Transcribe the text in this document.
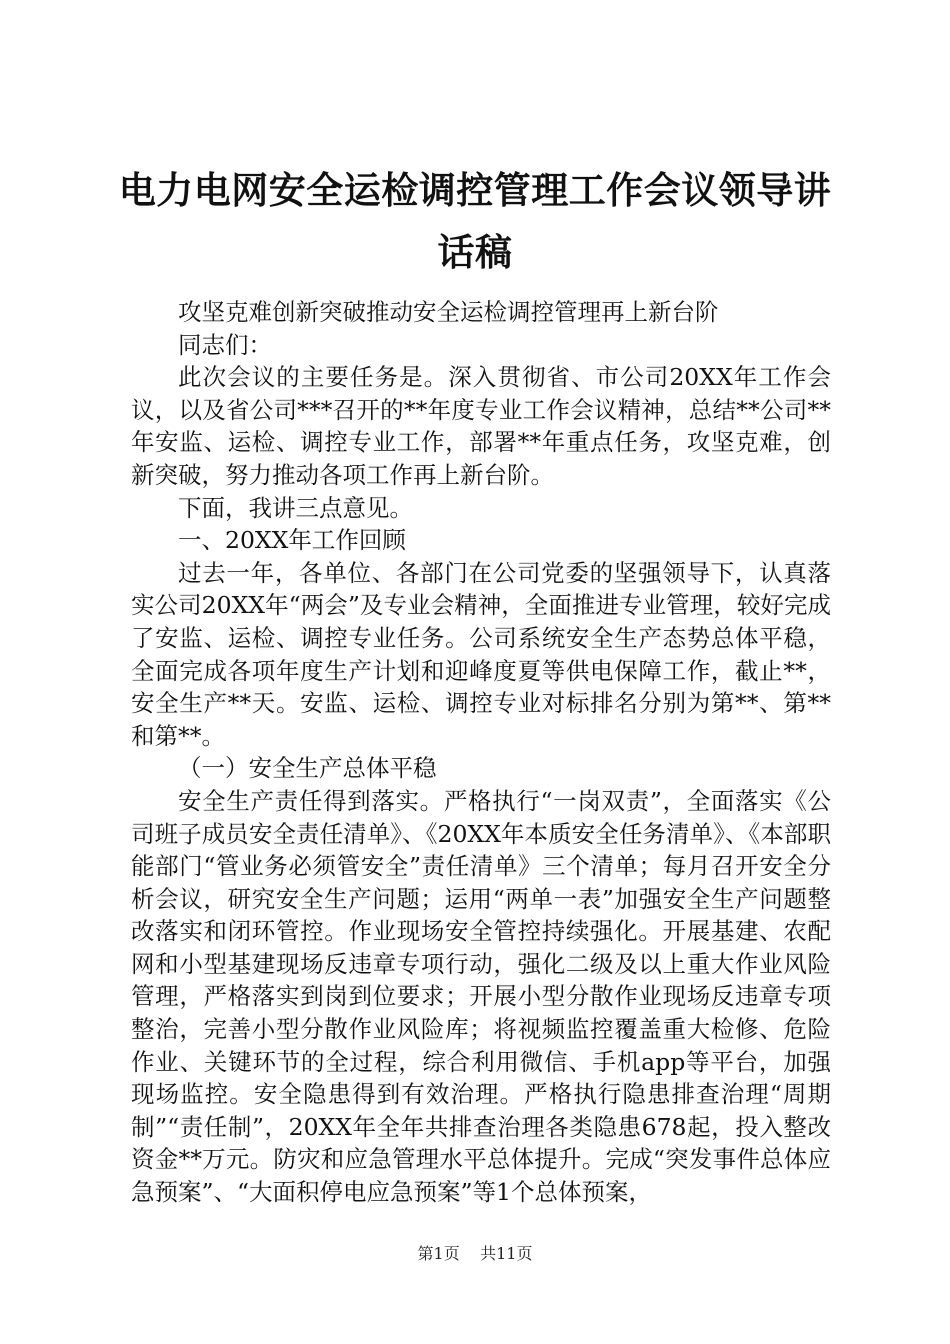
电力电网安全运检调控管理工作会议领导讲话稿

攻坚克难创新突破推动安全运检调控管理再上新台阶

同志们：

此次会议的主要任务是。深入贯彻省、市公司20XX年工作会议，以及省公司***召开的**年度专业工作会议精神，总结**公司**年安监、运检、调控专业工作，部署**年重点任务，攻坚克难，创新突破，努力推动各项工作再上新台阶。

下面，我讲三点意见。

一、20XX年工作回顾

过去一年，各单位、各部门在公司党委的坚强领导下，认真落实公司20XX年“两会”及专业会精神，全面推进专业管理，较好完成了安监、运检、调控专业任务。公司系统安全生产态势总体平稳，全面完成各项年度生产计划和迎峰度夏等供电保障工作，截止**，安全生产**天。安监、运检、调控专业对标排名分别为第**、第**和第**。

（一）安全生产总体平稳

安全生产责任得到落实。严格执行“一岗双责”，全面落实《公司班子成员安全责任清单》、《20XX年本质安全任务清单》、《本部职能部门“管业务必须管安全”责任清单》三个清单；每月召开安全分析会议，研究安全生产问题；运用“两单一表”加强安全生产问题整改落实和闭环管控。作业现场安全管控持续强化。开展基建、农配网和小型基建现场反违章专项行动，强化二级及以上重大作业风险管理，严格落实到岗到位要求；开展小型分散作业现场反违章专项整治，完善小型分散作业风险库；将视频监控覆盖重大检修、危险作业、关键环节的全过程，综合利用微信、手机app等平台，加强现场监控。安全隐患得到有效治理。严格执行隐患排查治理“周期制”“责任制”，20XX年全年共排查治理各类隐患678起，投入整改资金**万元。防灾和应急管理水平总体提升。完成“突发事件总体应急预案”、“大面积停电应急预案”等1个总体预案，

第1页 共11页
